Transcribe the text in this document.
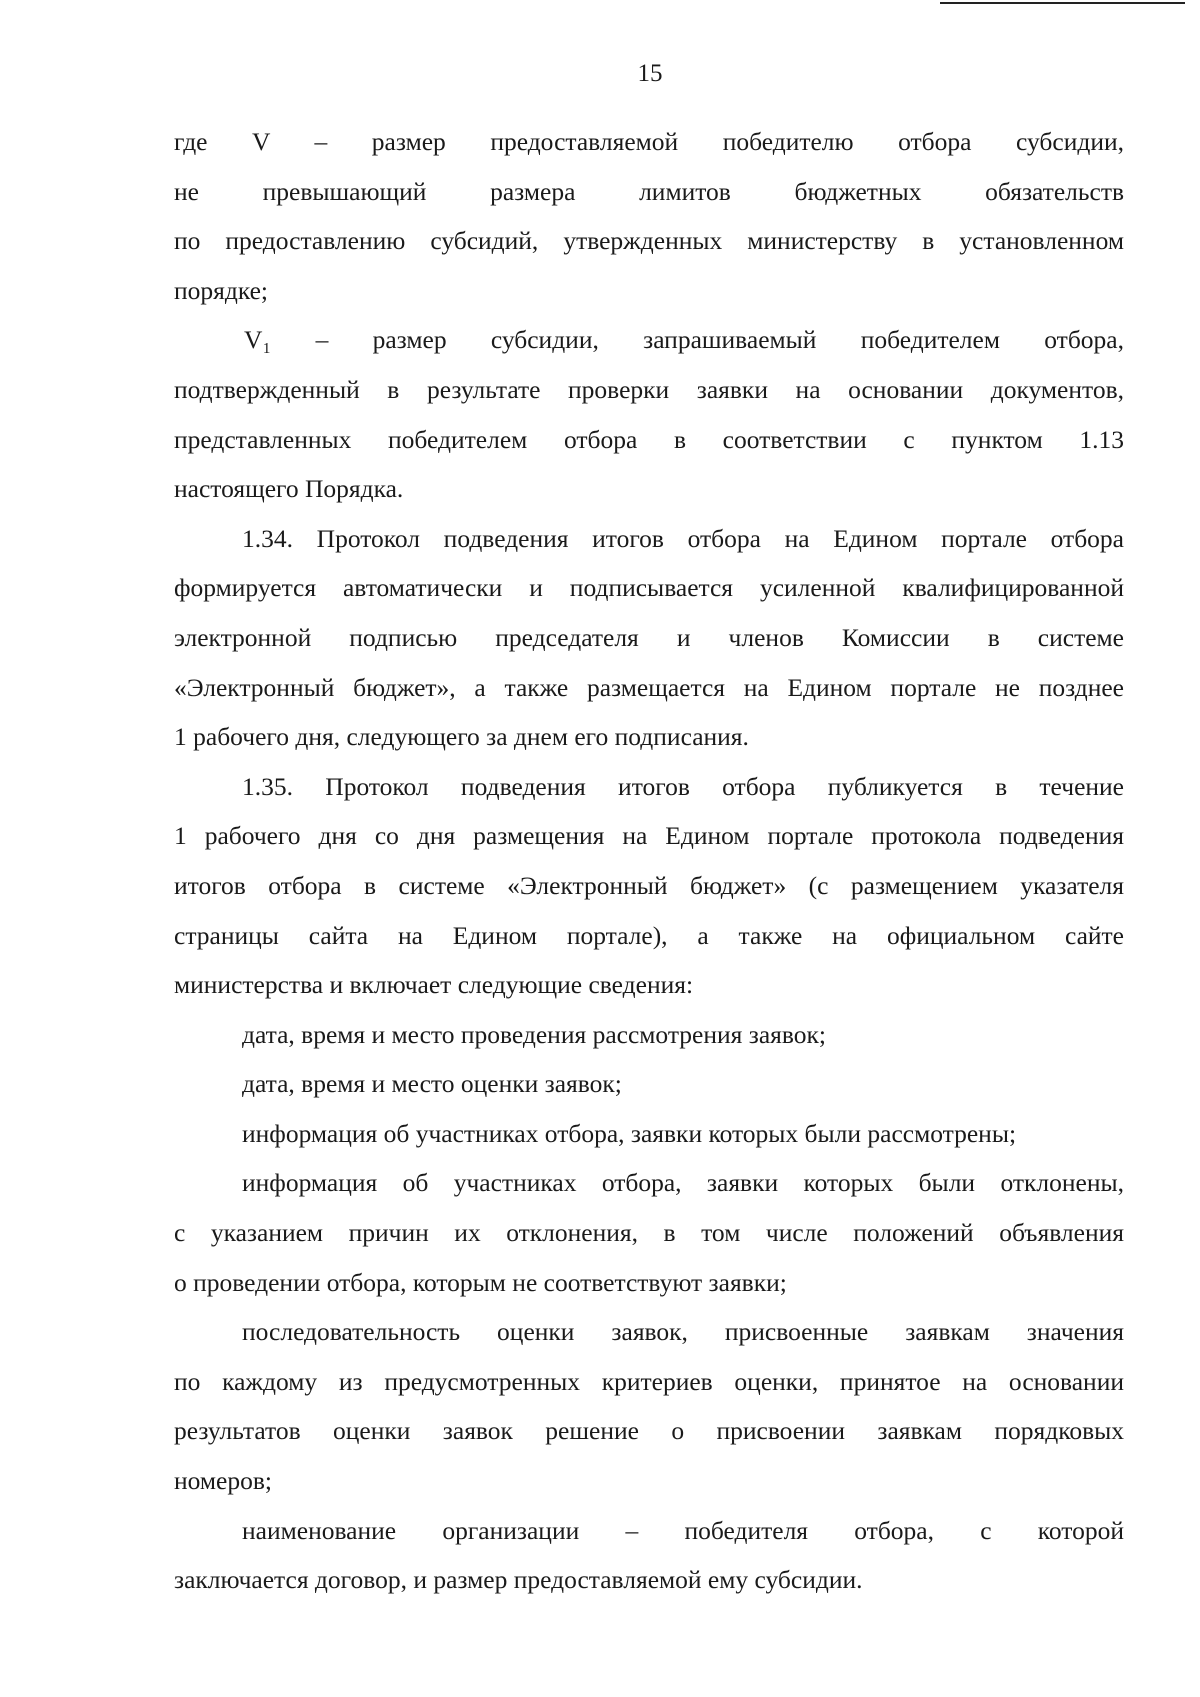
15

где V – размер предоставляемой победителю отбора субсидии,

не превышающий размера лимитов бюджетных обязательств

по предоставлению субсидий, утвержденных министерству в установленном

порядке;

V₁ – размер субсидии, запрашиваемый победителем отбора,

подтвержденный в результате проверки заявки на основании документов,

представленных победителем отбора в соответствии с пунктом 1.13

настоящего Порядка.

1.34. Протокол подведения итогов отбора на Едином портале отбора

формируется автоматически и подписывается усиленной квалифицированной

электронной подписью председателя и членов Комиссии в системе

«Электронный бюджет», а также размещается на Едином портале не позднее

1 рабочего дня, следующего за днем его подписания.

1.35. Протокол подведения итогов отбора публикуется в течение

1 рабочего дня со дня размещения на Едином портале протокола подведения

итогов отбора в системе «Электронный бюджет» (с размещением указателя

страницы сайта на Едином портале), а также на официальном сайте

министерства и включает следующие сведения:

дата, время и место проведения рассмотрения заявок;

дата, время и место оценки заявок;

информация об участниках отбора, заявки которых были рассмотрены;

информация об участниках отбора, заявки которых были отклонены,

с указанием причин их отклонения, в том числе положений объявления

о проведении отбора, которым не соответствуют заявки;

последовательность оценки заявок, присвоенные заявкам значения

по каждому из предусмотренных критериев оценки, принятое на основании

результатов оценки заявок решение о присвоении заявкам порядковых

номеров;

наименование организации – победителя отбора, с которой

заключается договор, и размер предоставляемой ему субсидии.
